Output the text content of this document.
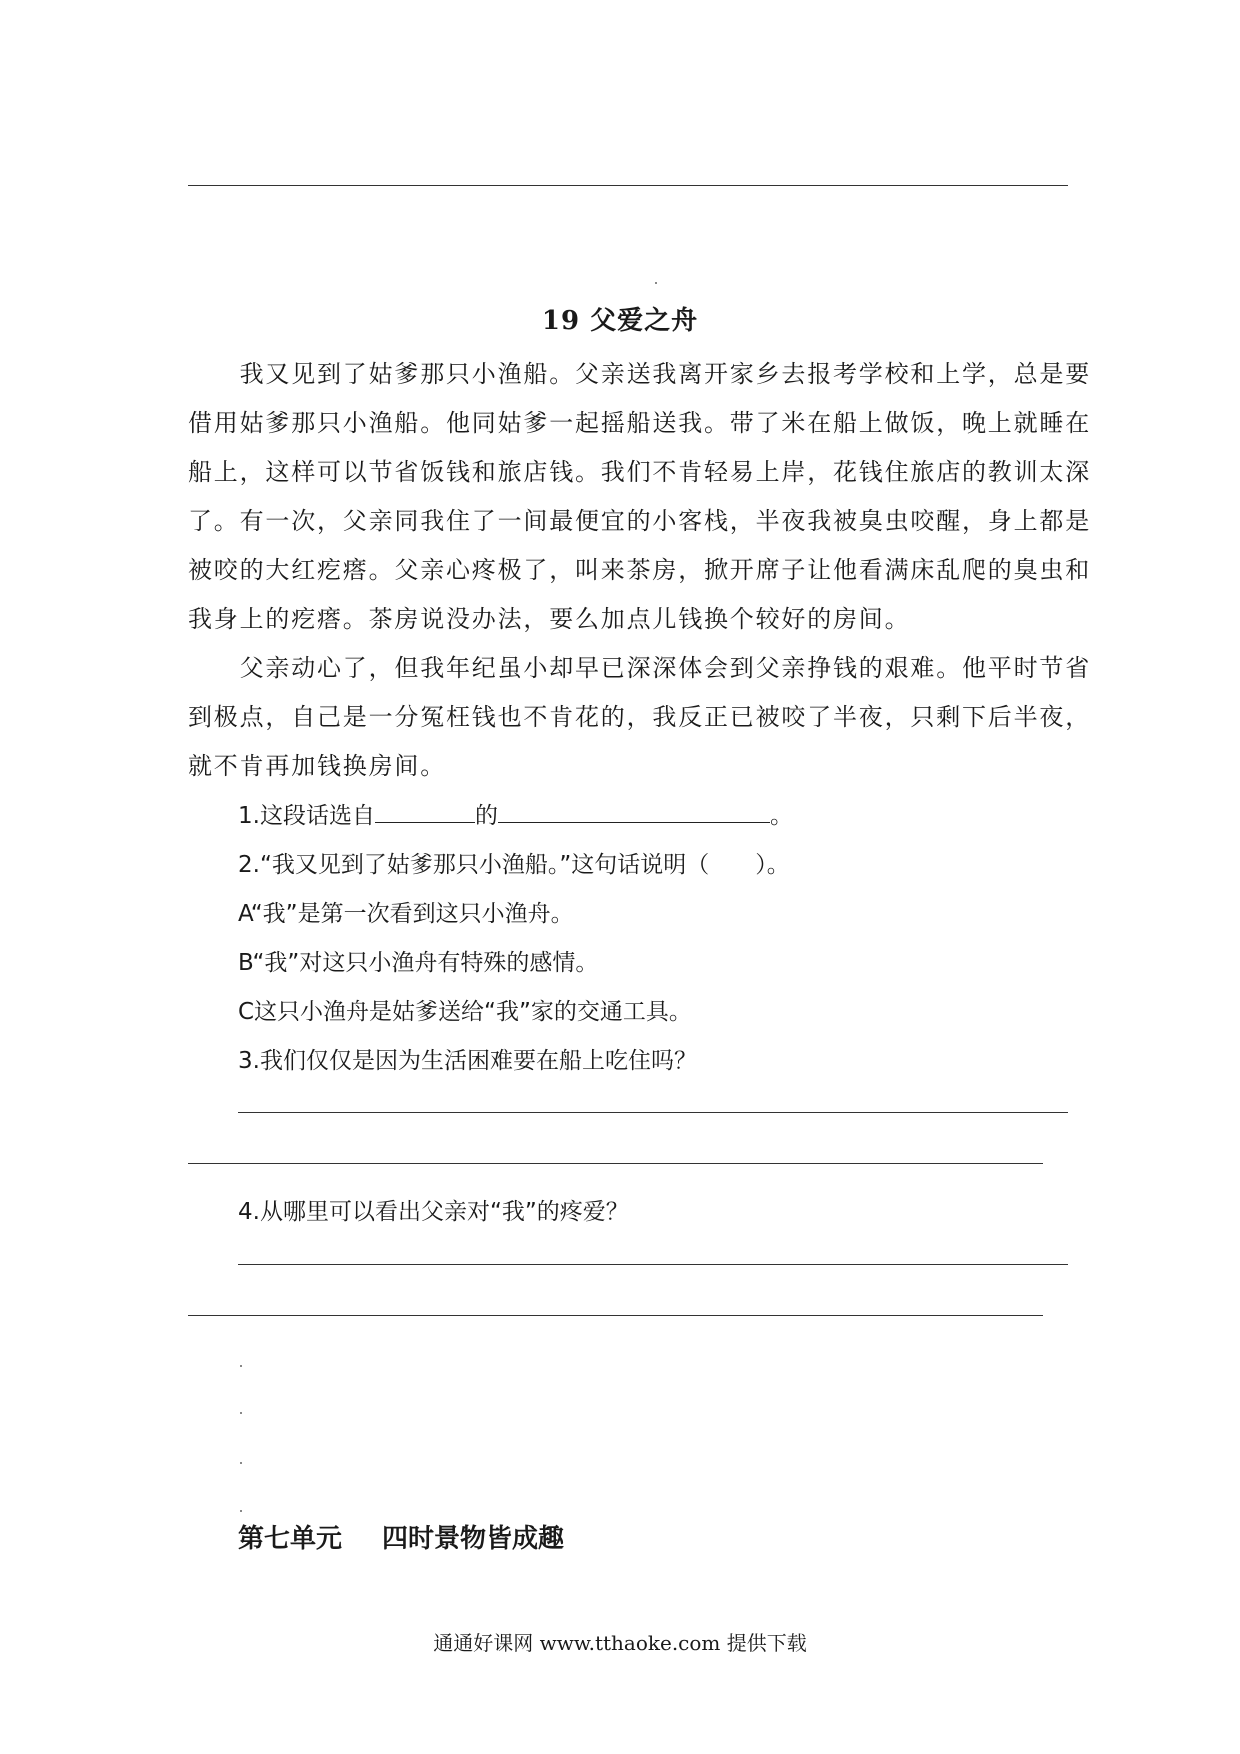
19 父爱之舟
　　我又见到了姑爹那只小渔船。父亲送我离开家乡去报考学校和上学，总是要
借用姑爹那只小渔船。他同姑爹一起摇船送我。带了米在船上做饭，晚上就睡在
船上，这样可以节省饭钱和旅店钱。我们不肯轻易上岸，花钱住旅店的教训太深
了。有一次，父亲同我住了一间最便宜的小客栈，半夜我被臭虫咬醒，身上都是
被咬的大红疙瘩。父亲心疼极了，叫来茶房，掀开席子让他看满床乱爬的臭虫和
我身上的疙瘩。茶房说没办法，要么加点儿钱换个较好的房间。
　　父亲动心了，但我年纪虽小却早已深深体会到父亲挣钱的艰难。他平时节省
到极点，自己是一分冤枉钱也不肯花的，我反正已被咬了半夜，只剩下后半夜，
就不肯再加钱换房间。
1.这段话选自	的	。
2.“我又见到了姑爹那只小渔船。”这句话说明（　　）。
A“我”是第一次看到这只小渔舟。
B“我”对这只小渔舟有特殊的感情。
C这只小渔舟是姑爹送给“我”家的交通工具。
3.我们仅仅是因为生活困难要在船上吃住吗？
4.从哪里可以看出父亲对“我”的疼爱？
第七单元 四时景物皆成趣
通通好课网 www.tthaoke.com 提供下载
